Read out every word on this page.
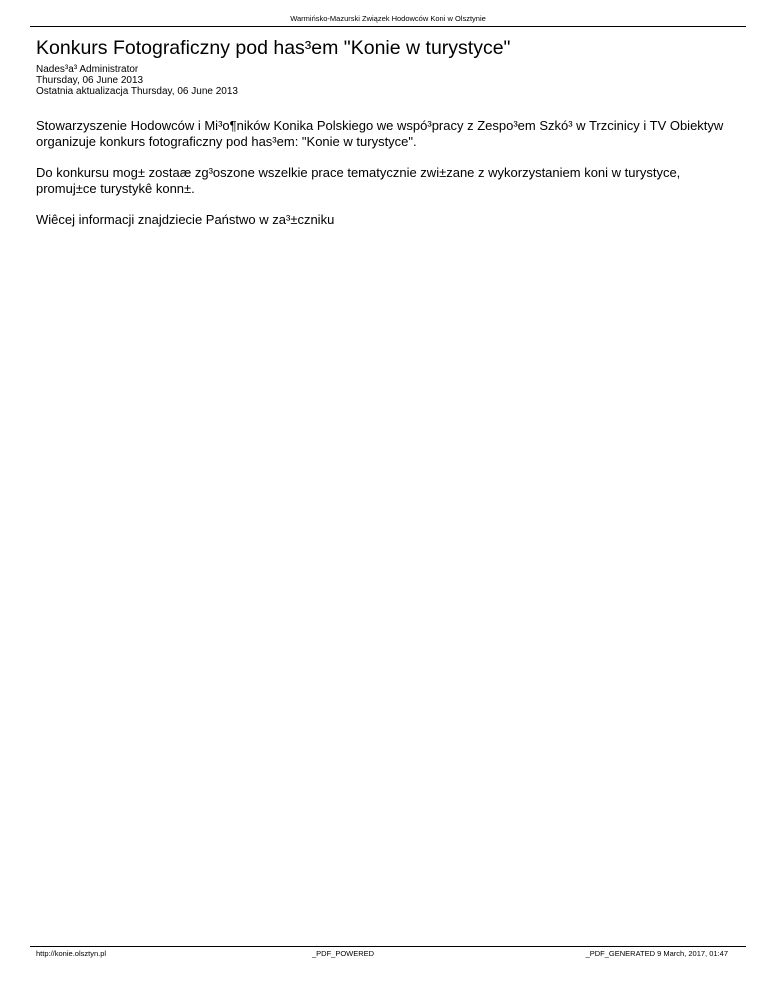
Warmińsko-Mazurski Związek Hodowców Koni w Olsztynie
Konkurs Fotograficzny pod has³em "Konie w turystyce"
Nades³a³ Administrator
Thursday, 06 June 2013
Ostatnia aktualizacja Thursday, 06 June 2013

Stowarzyszenie Hodowców i Mi³o¶ników Konika Polskiego we wspó³pracy z Zespo³em Szkó³ w Trzcinicy i TV Obiektyw organizuje konkurs fotograficzny pod has³em: "Konie w turystyce".

Do konkursu mog± zostaæ zg³oszone wszelkie prace tematycznie zwi±zane z wykorzystaniem koni w turystyce, promuj±ce turystykê konn±.

Wiêcej informacji znajdziecie Państwo w za³±czniku

http://konie.olsztyn.pl	_PDF_POWERED	_PDF_GENERATED 9 March, 2017, 01:47
